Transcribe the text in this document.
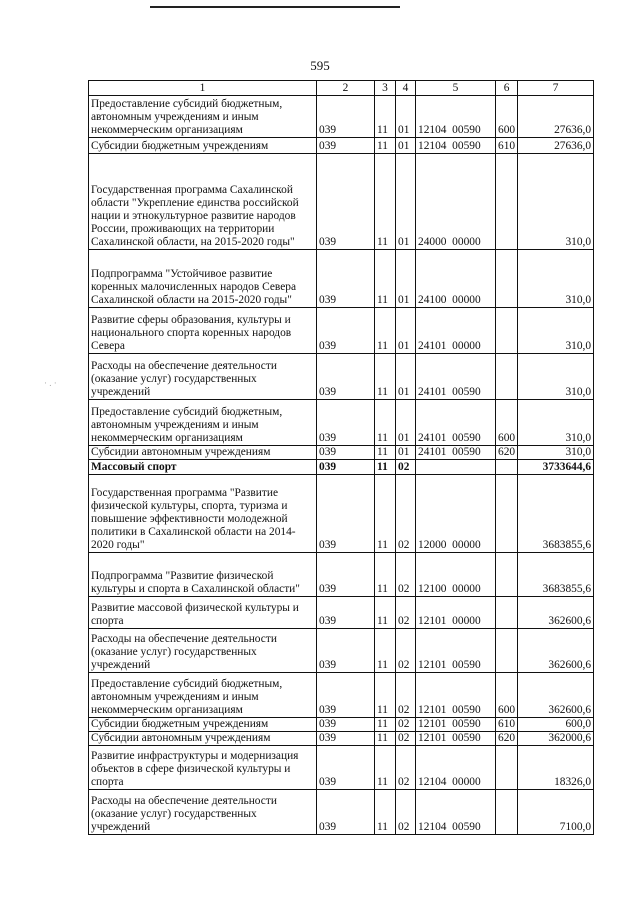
595
· . ·
1	2	3	4	5	6	7
Предоставление субсидий бюджетным, автономным учреждениям и иным некоммерческим организациям	039	11	01	12104  00590	600	27636,0
Субсидии бюджетным учреждениям	039	11	01	12104  00590	610	27636,0
Государственная программа Сахалинской области "Укрепление единства российской нации и этнокультурное развитие народов России, проживающих на территории Сахалинской области, на 2015-2020 годы"	039	11	01	24000  00000		310,0
Подпрограмма "Устойчивое развитие коренных малочисленных народов Севера Сахалинской области на 2015-2020 годы"	039	11	01	24100  00000		310,0
Развитие сферы образования, культуры и национального спорта коренных народов Севера	039	11	01	24101  00000		310,0
Расходы на обеспечение деятельности (оказание услуг) государственных учреждений	039	11	01	24101  00590		310,0
Предоставление субсидий бюджетным, автономным учреждениям и иным некоммерческим организациям	039	11	01	24101  00590	600	310,0
Субсидии автономным учреждениям	039	11	01	24101  00590	620	310,0
Массовый спорт	039	11	02			3733644,6
Государственная программа "Развитие физической культуры, спорта, туризма и повышение эффективности молодежной политики в Сахалинской области на 2014-2020 годы"	039	11	02	12000  00000		3683855,6
Подпрограмма "Развитие физической культуры и спорта в Сахалинской области"	039	11	02	12100  00000		3683855,6
Развитие массовой физической культуры и спорта	039	11	02	12101  00000		362600,6
Расходы на обеспечение деятельности (оказание услуг) государственных учреждений	039	11	02	12101  00590		362600,6
Предоставление субсидий бюджетным, автономным учреждениям и иным некоммерческим организациям	039	11	02	12101  00590	600	362600,6
Субсидии бюджетным учреждениям	039	11	02	12101  00590	610	600,0
Субсидии автономным учреждениям	039	11	02	12101  00590	620	362000,6
Развитие инфраструктуры и модернизация объектов в сфере физической культуры и спорта	039	11	02	12104  00000		18326,0
Расходы на обеспечение деятельности (оказание услуг) государственных учреждений	039	11	02	12104  00590		7100,0
